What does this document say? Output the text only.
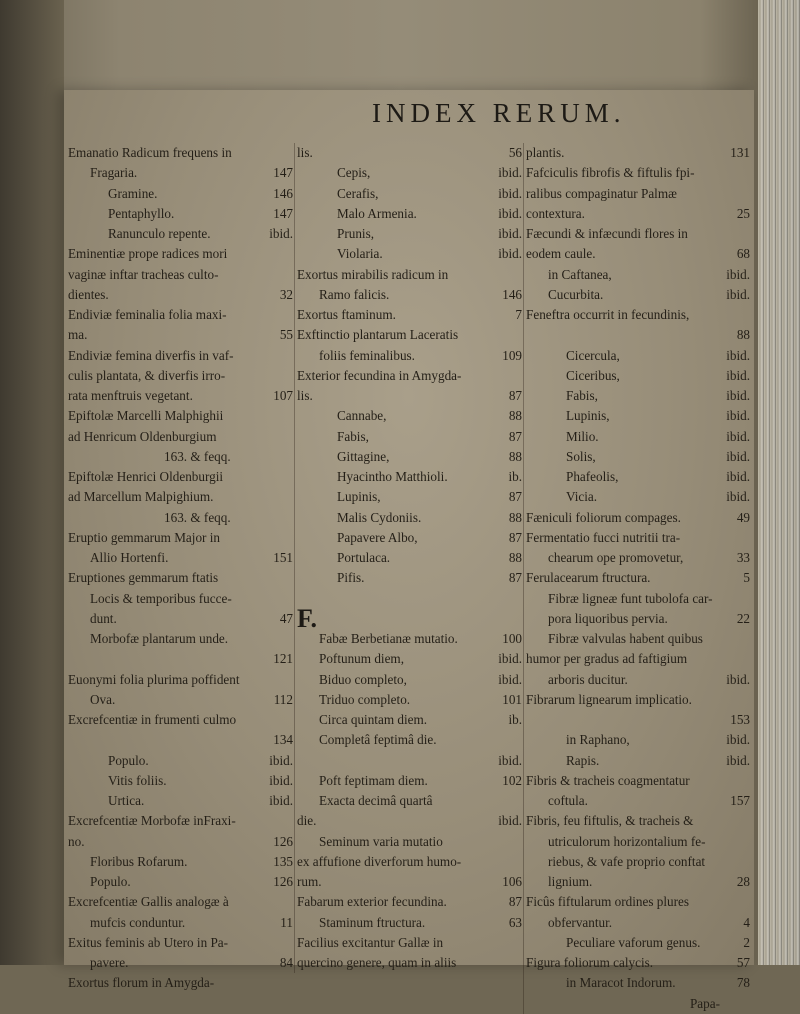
INDEX RERUM.
Emanatio Radicum frequens in
Fragaria.	147
Gramine.	146
Pentaphyllo.	147
Ranunculo repente.	ibid.
Eminentiæ prope radices mori
vaginæ inftar tracheas culto-
dientes.	32
Endiviæ feminalia folia maxi-
ma.	55
Endiviæ femina diverfis in vaf-
culis plantata, & diverfis irro-
rata menftruis vegetant.	107
Epiftolæ Marcelli Malphighii
ad Henricum Oldenburgium
163. & feqq.
Epiftolæ Henrici Oldenburgii
ad Marcellum Malpighium.
163. & feqq.
Eruptio gemmarum Major in
Allio Hortenfi.	151
Eruptiones gemmarum ftatis
Locis & temporibus fucce-
dunt.	47
Morbofæ plantarum unde.
121
Euonymi folia plurima poffident
Ova.	112
Excrefcentiæ in frumenti culmo
134
Populo.	ibid.
Vitis foliis.	ibid.
Urtica.	ibid.
Excrefcentiæ Morbofæ inFraxi-
no.	126
Floribus Rofarum.	135
Populo.	126
Excrefcentiæ Gallis analogæ à
mufcis conduntur.	11
Exitus feminis ab Utero in Pa-
pavere.	84
Exortus florum in Amygda-
lis.	56
Cepis,	ibid.
Cerafis,	ibid.
Malo Armenia.	ibid.
Prunis,	ibid.
Violaria.	ibid.
Exortus mirabilis radicum in
Ramo falicis.	146
Exortus ftaminum.	7
Exftinctio plantarum Laceratis
foliis feminalibus.	109
Exterior fecundina in Amygda-
lis.	87
Cannabe,	88
Fabis,	87
Gittagine,	88
Hyacintho Matthioli.	ib.
Lupinis,	87
Malis Cydoniis.	88
Papavere Albo,	87
Portulaca.	88
Pifis.	87
F.
Fabæ Berbetianæ mutatio.	100
Poftunum diem,	ibid.
Biduo completo,	ibid.
Triduo completo.	101
Circa quintam diem.	ib.
Completâ feptimâ die.
ibid.
Poft feptimam diem.	102
Exacta decimâ quartâ
die.	ibid.
Seminum varia mutatio
ex affufione diverforum humo-
rum.	106
Fabarum exterior fecundina.	87
Staminum ftructura.	63
Facilius excitantur Gallæ in
quercino genere, quam in aliis
plantis.	131
Fafciculis fibrofis & fiftulis fpi-
ralibus compaginatur Palmæ
contextura.	25
Fæcundi & infæcundi flores in
eodem caule.	68
in Caftanea,	ibid.
Cucurbita.	ibid.
Feneftra occurrit in fecundinis,
88
Cicercula,	ibid.
Ciceribus,	ibid.
Fabis,	ibid.
Lupinis,	ibid.
Milio.	ibid.
Solis,	ibid.
Phafeolis,	ibid.
Vicia.	ibid.
Fæniculi foliorum compages.	49
Fermentatio fucci nutritii tra-
chearum ope promovetur,	33
Ferulacearum ftructura.	5
Fibræ ligneæ funt tubolofa car-
pora liquoribus pervia.	22
Fibræ valvulas habent quibus
humor per gradus ad faftigium
arboris ducitur.	ibid.
Fibrarum lignearum implicatio.
153
in Raphano,	ibid.
Rapis.	ibid.
Fibris & tracheis coagmentatur
coftula.	157
Fibris, feu fiftulis, & tracheis &
utriculorum horizontalium fe-
riebus, & vafe proprio conftat
lignium.	28
Ficûs fiftularum ordines plures
obfervantur.	4
Peculiare vaforum genus.	2
Figura foliorum calycis.	57
in Maracot Indorum.	78
Papa-
